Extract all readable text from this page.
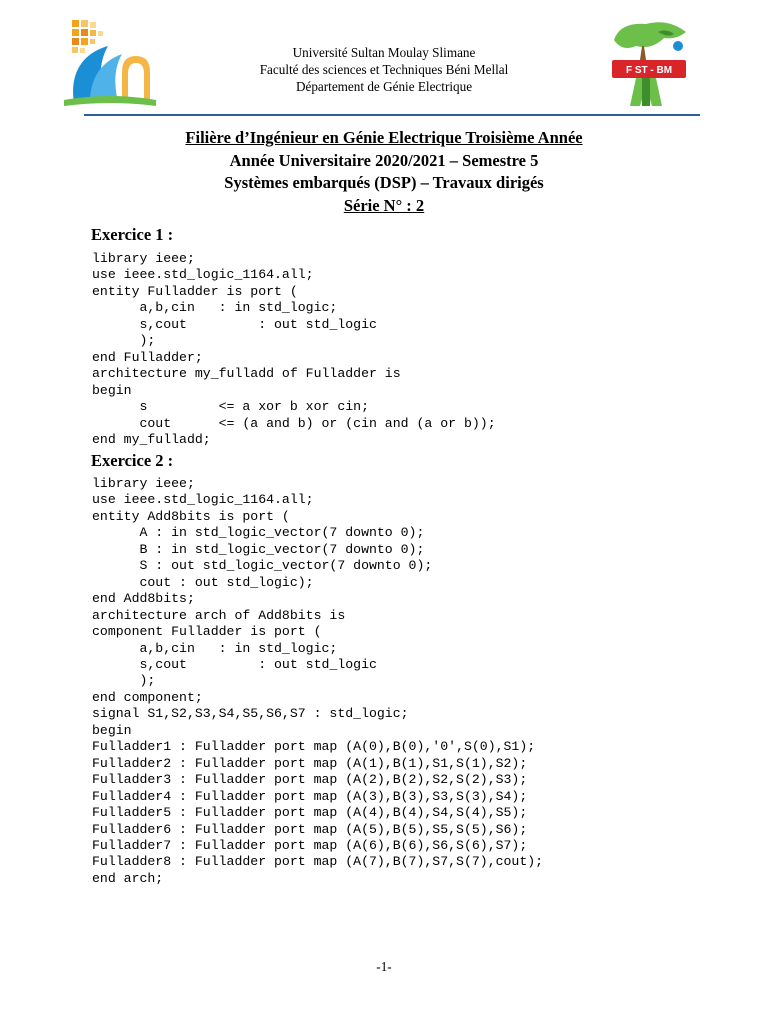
Université Sultan Moulay Slimane
Faculté des sciences et Techniques Béni Mellal
Département de Génie Electrique
F ST - BM
Filière d’Ingénieur en Génie Electrique Troisième Année
Année Universitaire 2020/2021 – Semestre 5
Systèmes embarqués (DSP) – Travaux dirigés
Série N° : 2
Exercice 1 :
library ieee;
use ieee.std_logic_1164.all;
entity Fulladder is port (
a,b,cin   : in std_logic;
s,cout         : out std_logic
);
end Fulladder;
architecture my_fulladd of Fulladder is
begin
s         <= a xor b xor cin;
cout      <= (a and b) or (cin and (a or b));
end my_fulladd;
Exercice 2 :
library ieee;
use ieee.std_logic_1164.all;
entity Add8bits is port (
A : in std_logic_vector(7 downto 0);
B : in std_logic_vector(7 downto 0);
S : out std_logic_vector(7 downto 0);
cout : out std_logic);
end Add8bits;
architecture arch of Add8bits is
component Fulladder is port (
a,b,cin   : in std_logic;
s,cout         : out std_logic
);
end component;
signal S1,S2,S3,S4,S5,S6,S7 : std_logic;
begin
Fulladder1 : Fulladder port map (A(0),B(0),'0',S(0),S1);
Fulladder2 : Fulladder port map (A(1),B(1),S1,S(1),S2);
Fulladder3 : Fulladder port map (A(2),B(2),S2,S(2),S3);
Fulladder4 : Fulladder port map (A(3),B(3),S3,S(3),S4);
Fulladder5 : Fulladder port map (A(4),B(4),S4,S(4),S5);
Fulladder6 : Fulladder port map (A(5),B(5),S5,S(5),S6);
Fulladder7 : Fulladder port map (A(6),B(6),S6,S(6),S7);
Fulladder8 : Fulladder port map (A(7),B(7),S7,S(7),cout);
end arch;
-1-
